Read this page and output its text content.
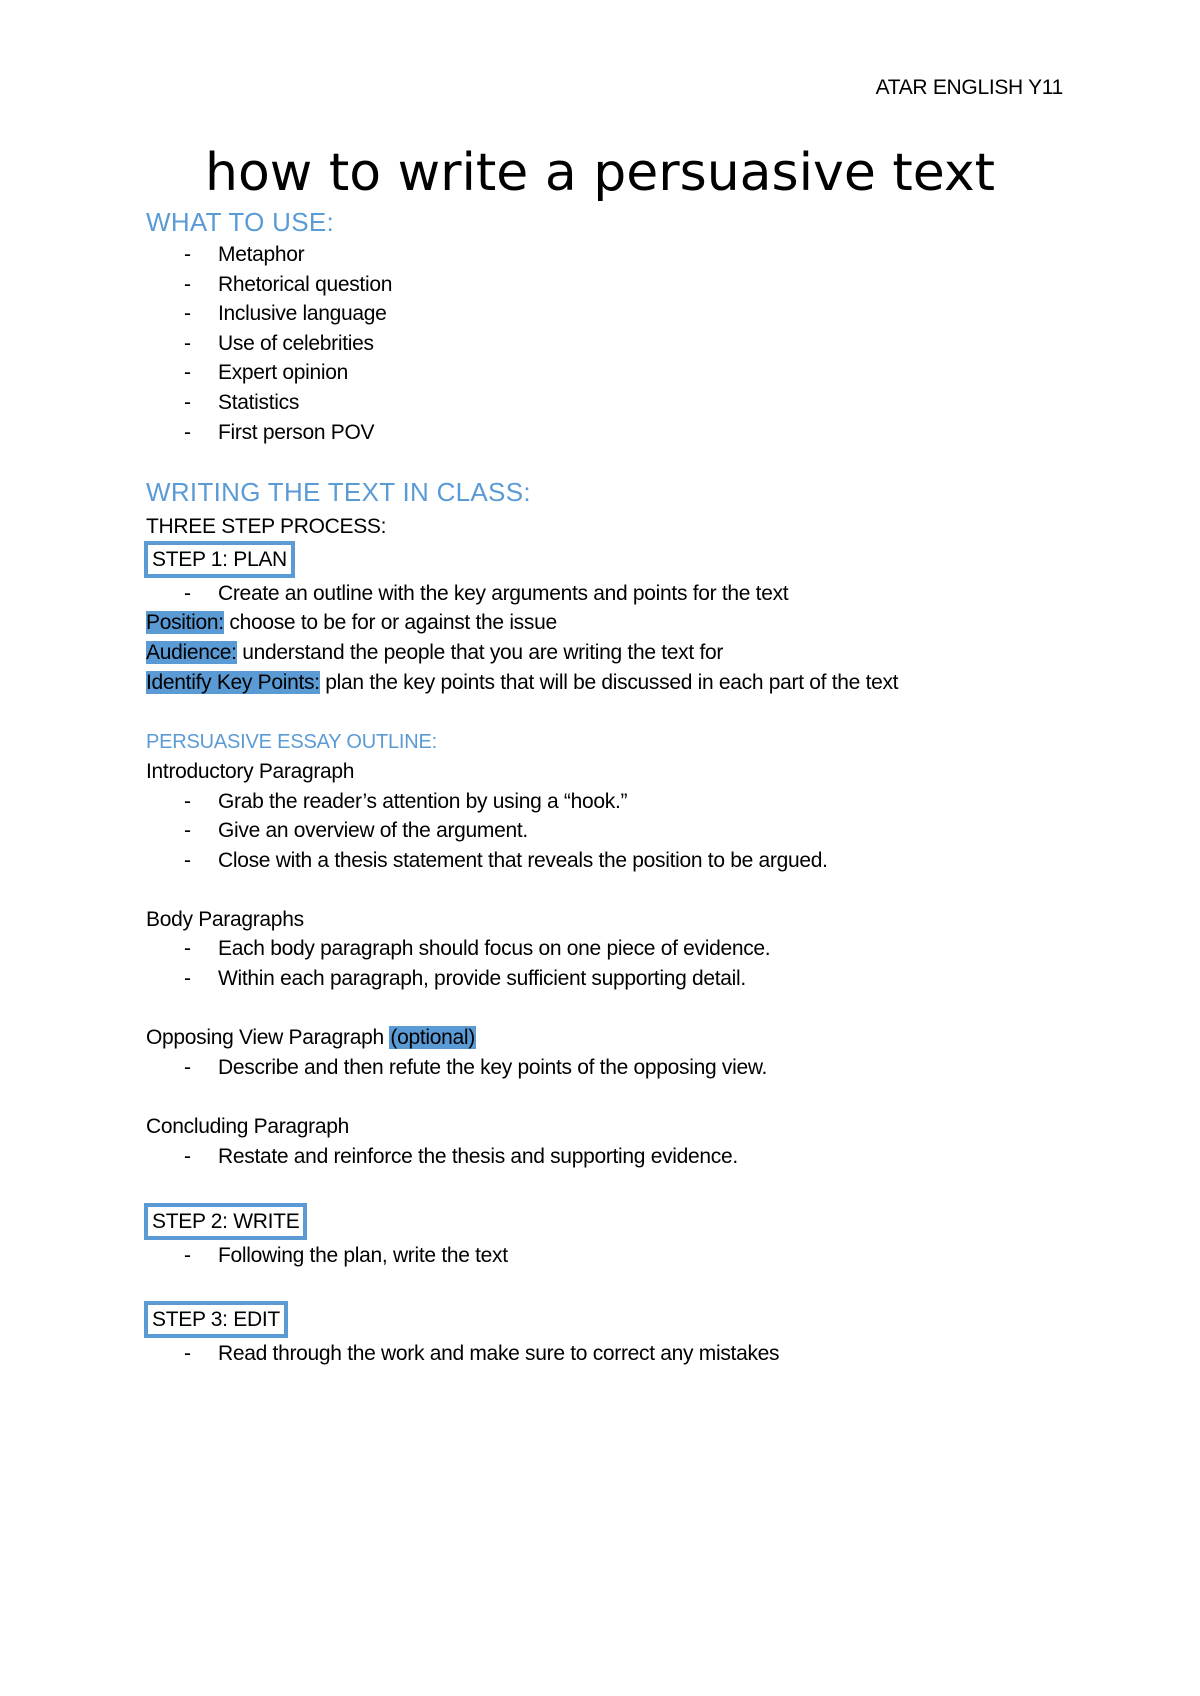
ATAR ENGLISH Y11
how to write a persuasive text
WHAT TO USE:
- Metaphor
- Rhetorical question
- Inclusive language
- Use of celebrities
- Expert opinion
- Statistics
- First person POV
WRITING THE TEXT IN CLASS:
THREE STEP PROCESS:
STEP 1: PLAN
- Create an outline with the key arguments and points for the text
Position: choose to be for or against the issue
Audience: understand the people that you are writing the text for
Identify Key Points: plan the key points that will be discussed in each part of the text
PERSUASIVE ESSAY OUTLINE:
Introductory Paragraph
- Grab the reader’s attention by using a “hook.”
- Give an overview of the argument.
- Close with a thesis statement that reveals the position to be argued.
Body Paragraphs
- Each body paragraph should focus on one piece of evidence.
- Within each paragraph, provide sufficient supporting detail.
Opposing View Paragraph (optional)
- Describe and then refute the key points of the opposing view.
Concluding Paragraph
- Restate and reinforce the thesis and supporting evidence.
STEP 2: WRITE
- Following the plan, write the text
STEP 3: EDIT
- Read through the work and make sure to correct any mistakes
